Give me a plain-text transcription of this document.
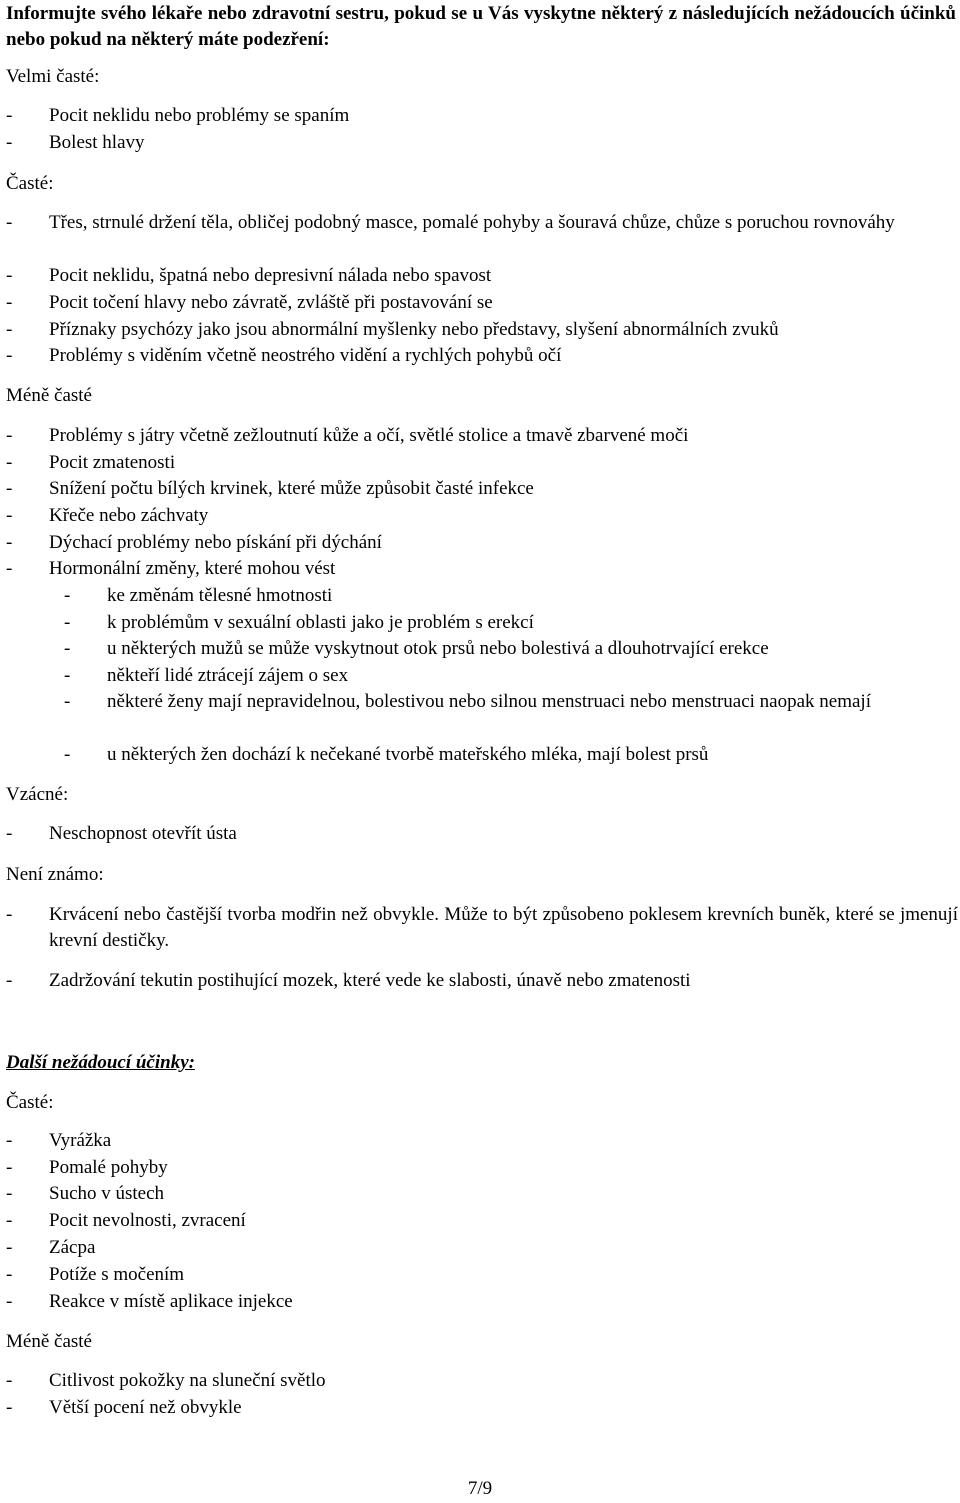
Informujte svého lékaře nebo zdravotní sestru, pokud se u Vás vyskytne některý z následujících nežádoucích účinků nebo pokud na některý máte podezření:
Velmi časté:
- Pocit neklidu nebo problémy se spaním
- Bolest hlavy
Časté:
- Třes, strnulé držení těla, obličej podobný masce, pomalé pohyby a šouravá chůze, chůze s poruchou rovnováhy
- Pocit neklidu, špatná nebo depresivní nálada nebo spavost
- Pocit točení hlavy nebo závratě, zvláště při postavování se
- Příznaky psychózy jako jsou abnormální myšlenky nebo představy, slyšení abnormálních zvuků
- Problémy s viděním včetně neostrého vidění a rychlých pohybů očí
Méně časté
- Problémy s játry včetně zežloutnutí kůže a očí, světlé stolice a tmavě zbarvené moči
- Pocit zmatenosti
- Snížení počtu bílých krvinek, které může způsobit časté infekce
- Křeče nebo záchvaty
- Dýchací problémy nebo pískání při dýchání
- Hormonální změny, které mohou vést
- ke změnám tělesné hmotnosti
- k problémům v sexuální oblasti jako je problém s erekcí
- u některých mužů se může vyskytnout otok prsů nebo bolestivá a dlouhotrvající erekce
- někteří lidé ztrácejí zájem o sex
- některé ženy mají nepravidelnou, bolestivou nebo silnou menstruaci nebo menstruaci naopak nemají
- u některých žen dochází k nečekané tvorbě mateřského mléka, mají bolest prsů
Vzácné:
- Neschopnost otevřít ústa
Není známo:
- Krvácení nebo častější tvorba modřin než obvykle. Může to být způsobeno poklesem krevních buněk, které se jmenují krevní destičky.
- Zadržování tekutin postihující mozek, které vede ke slabosti, únavě nebo zmatenosti
Další nežádoucí účinky:
Časté:
- Vyrážka
- Pomalé pohyby
- Sucho v ústech
- Pocit nevolnosti, zvracení
- Zácpa
- Potíže s močením
- Reakce v místě aplikace injekce
Méně časté
- Citlivost pokožky na sluneční světlo
- Větší pocení než obvykle
7/9
